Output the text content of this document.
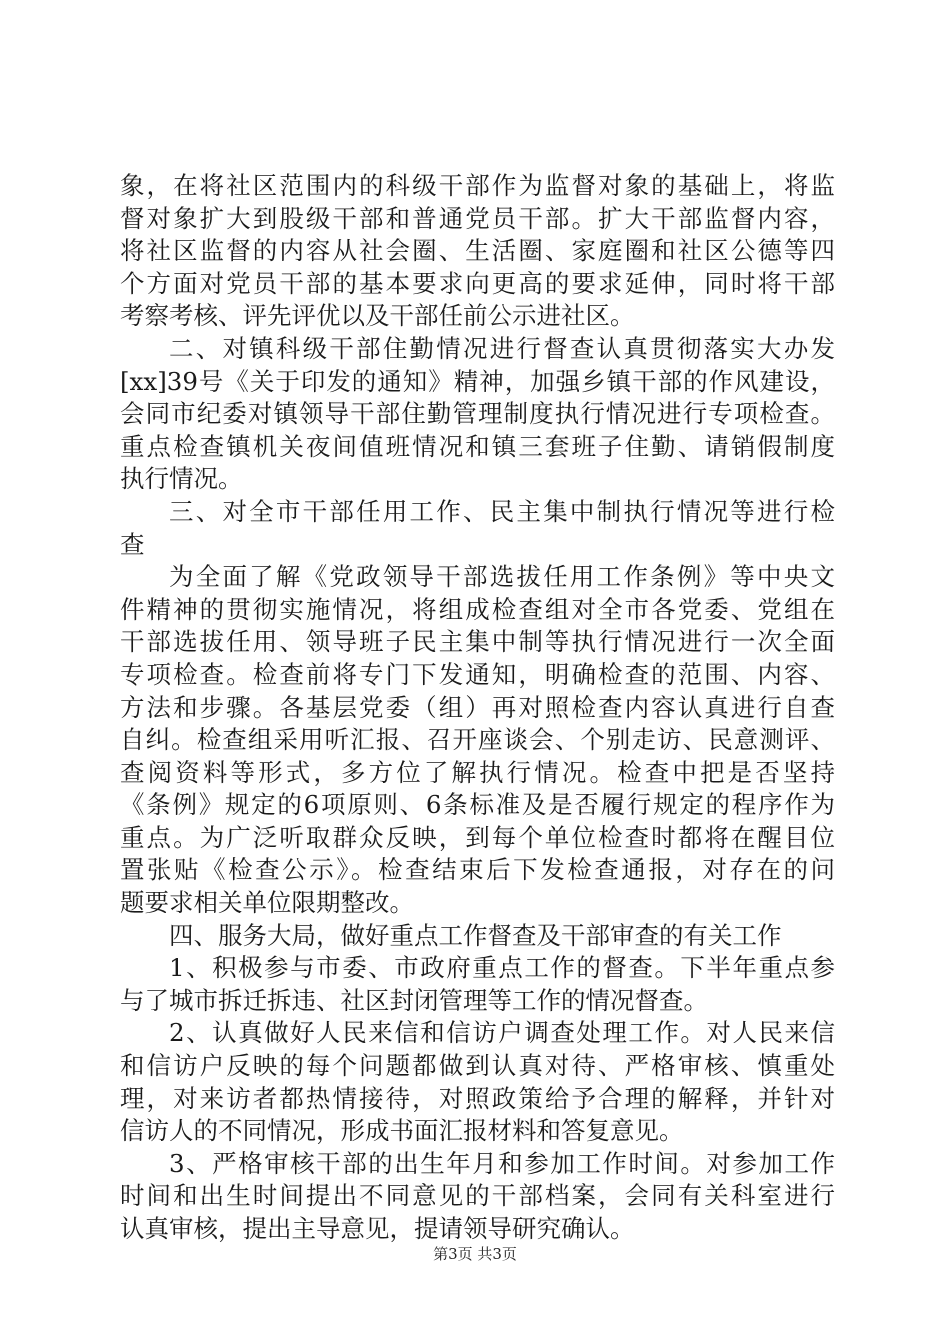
象，在将社区范围内的科级干部作为监督对象的基础上，将监
督对象扩大到股级干部和普通党员干部。扩大干部监督内容，
将社区监督的内容从社会圈、生活圈、家庭圈和社区公德等四
个方面对党员干部的基本要求向更高的要求延伸，同时将干部
考察考核、评先评优以及干部任前公示进社区。
二、对镇科级干部住勤情况进行督查认真贯彻落实大办发
[xx]39号《关于印发的通知》精神，加强乡镇干部的作风建设，
会同市纪委对镇领导干部住勤管理制度执行情况进行专项检查。
重点检查镇机关夜间值班情况和镇三套班子住勤、请销假制度
执行情况。
三、对全市干部任用工作、民主集中制执行情况等进行检
查
为全面了解《党政领导干部选拔任用工作条例》等中央文
件精神的贯彻实施情况，将组成检查组对全市各党委、党组在
干部选拔任用、领导班子民主集中制等执行情况进行一次全面
专项检查。检查前将专门下发通知，明确检查的范围、内容、
方法和步骤。各基层党委（组）再对照检查内容认真进行自查
自纠。检查组采用听汇报、召开座谈会、个别走访、民意测评、
查阅资料等形式，多方位了解执行情况。检查中把是否坚持
《条例》规定的6项原则、6条标准及是否履行规定的程序作为
重点。为广泛听取群众反映，到每个单位检查时都将在醒目位
置张贴《检查公示》。检查结束后下发检查通报，对存在的问
题要求相关单位限期整改。
四、服务大局，做好重点工作督查及干部审查的有关工作
1、积极参与市委、市政府重点工作的督查。下半年重点参
与了城市拆迁拆违、社区封闭管理等工作的情况督查。
2、认真做好人民来信和信访户调查处理工作。对人民来信
和信访户反映的每个问题都做到认真对待、严格审核、慎重处
理，对来访者都热情接待，对照政策给予合理的解释，并针对
信访人的不同情况，形成书面汇报材料和答复意见。
3、严格审核干部的出生年月和参加工作时间。对参加工作
时间和出生时间提出不同意见的干部档案，会同有关科室进行
认真审核，提出主导意见，提请领导研究确认。
第3页 共3页
